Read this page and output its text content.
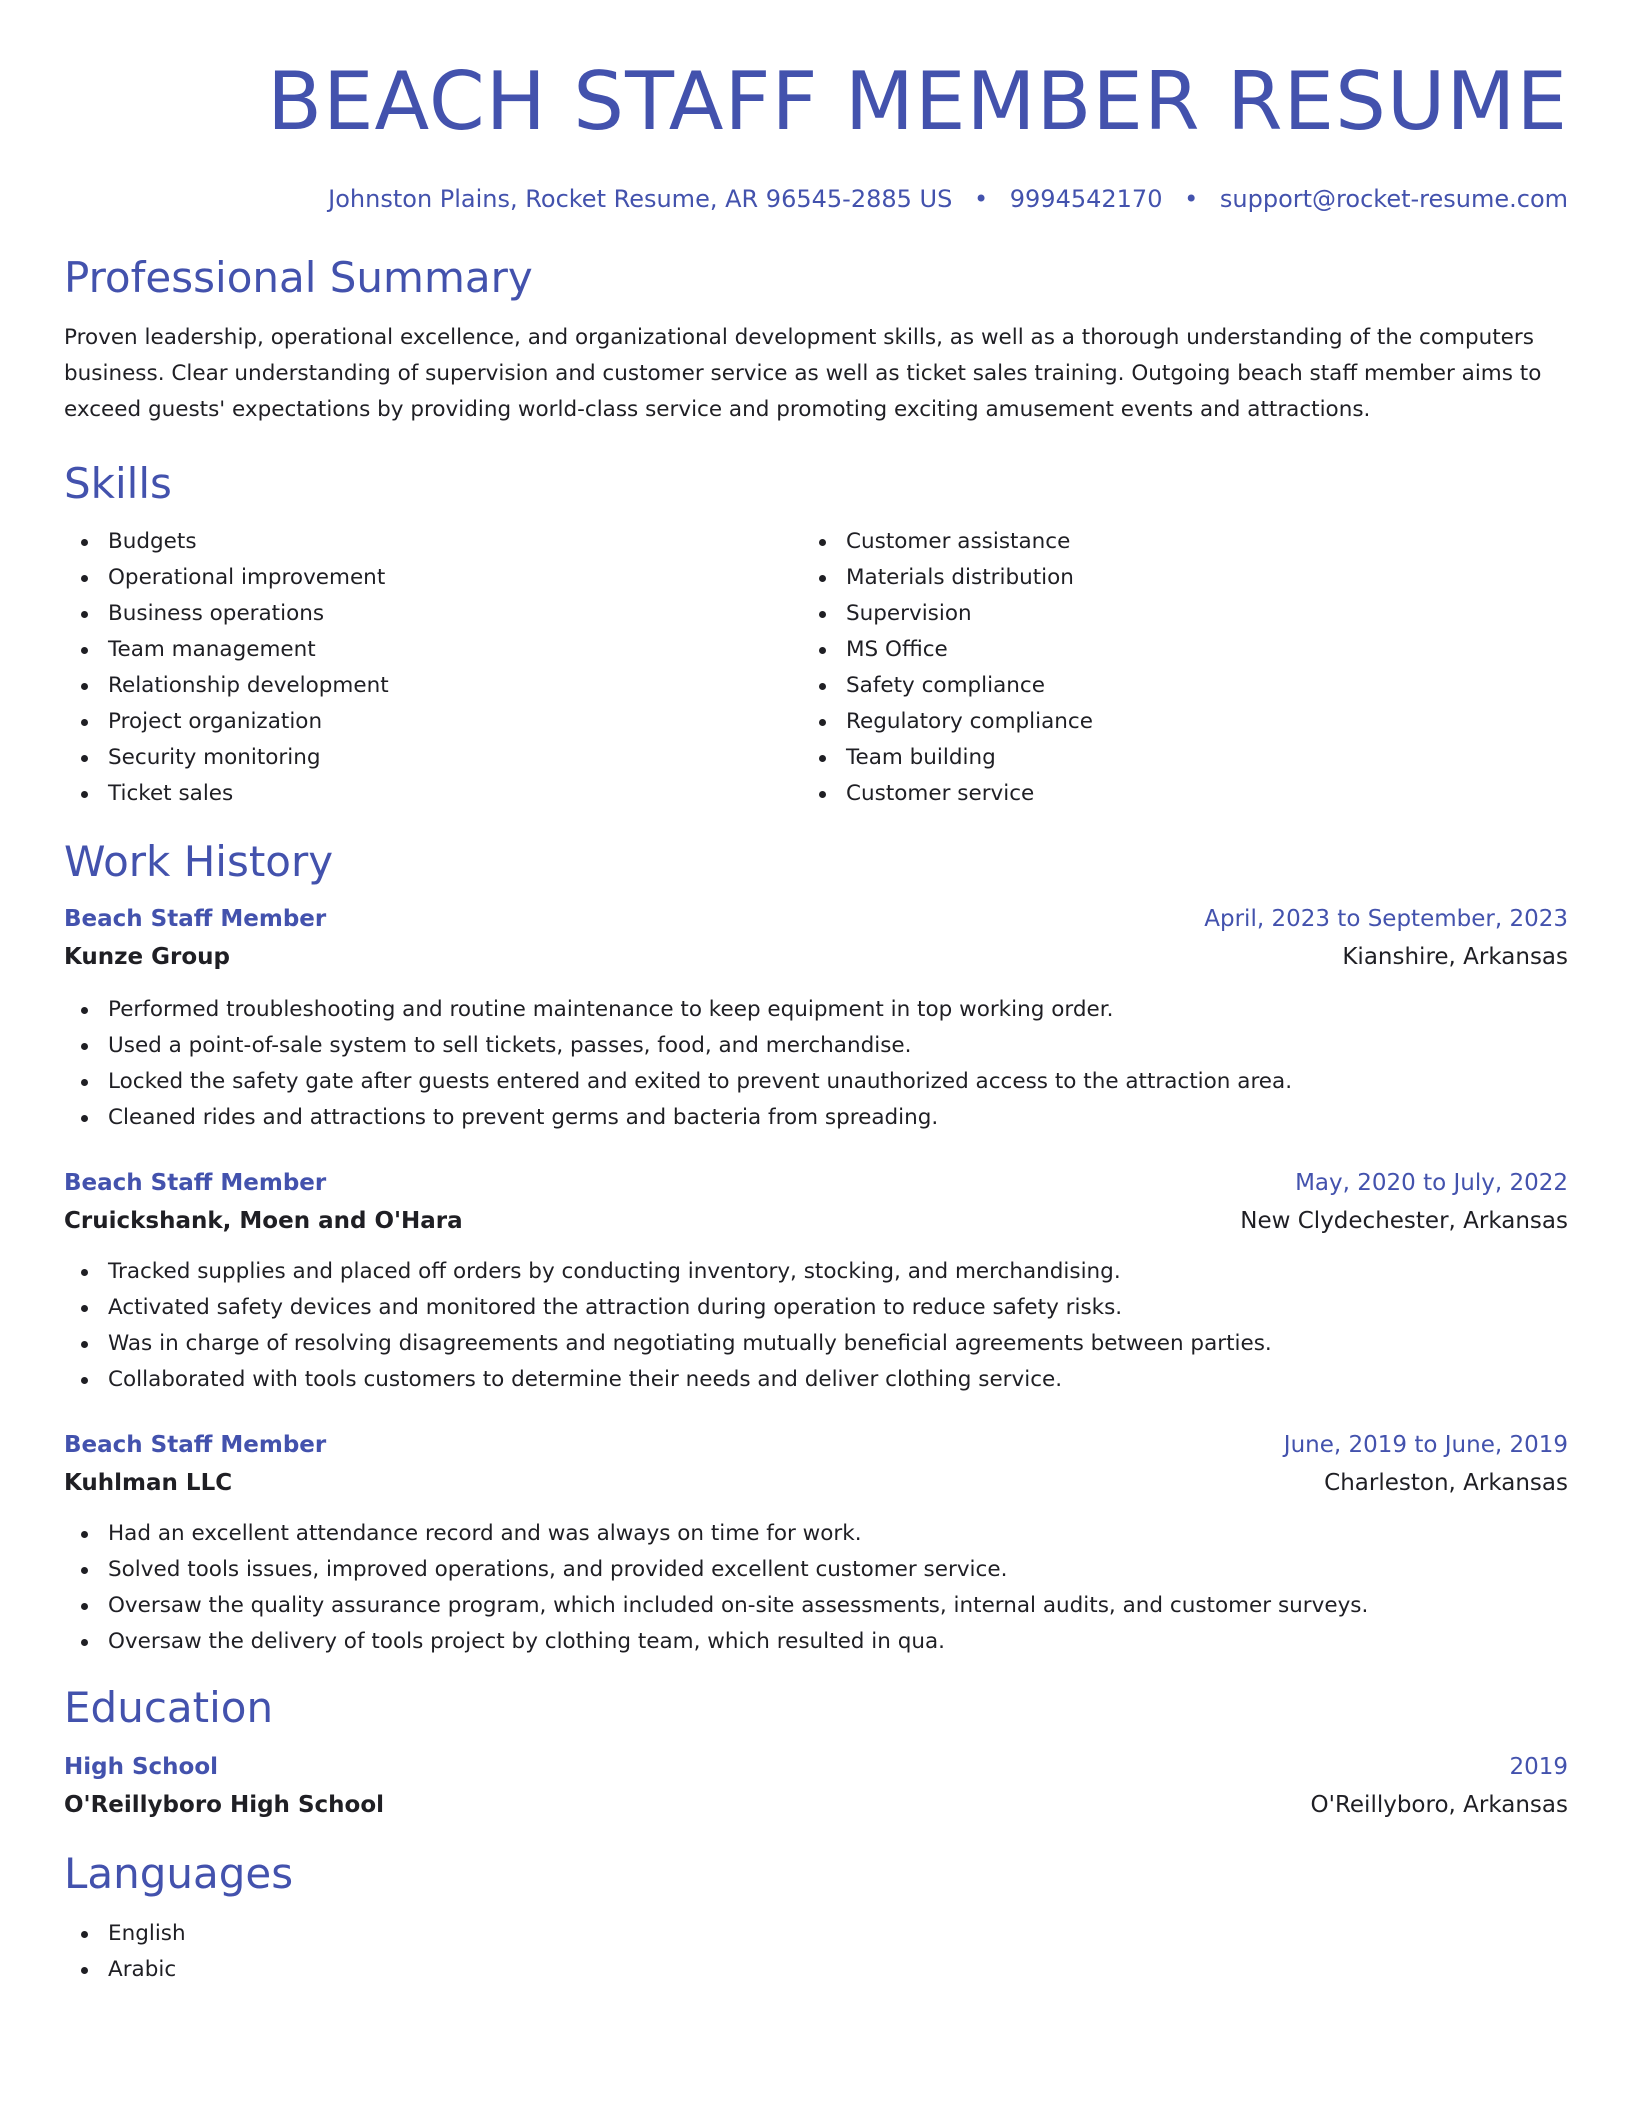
BEACH STAFF MEMBER RESUME
Johnston Plains, Rocket Resume, AR 96545-2885 US • 9994542170 • support@rocket-resume.com
Professional Summary

Proven leadership, operational excellence, and organizational development skills, as well as a thorough understanding of the computers business. Clear understanding of supervision and customer service as well as ticket sales training. Outgoing beach staff member aims to exceed guests' expectations by providing world-class service and promoting exciting amusement events and attractions.

Skills
Budgets
Operational improvement
Business operations
Team management
Relationship development
Project organization
Security monitoring
Ticket sales
Customer assistance
Materials distribution
Supervision
MS Office
Safety compliance
Regulatory compliance
Team building
Customer service
Work History
Beach Staff Member	April, 2023 to September, 2023
Kunze Group	Kianshire, Arkansas
Performed troubleshooting and routine maintenance to keep equipment in top working order.
Used a point-of-sale system to sell tickets, passes, food, and merchandise.
Locked the safety gate after guests entered and exited to prevent unauthorized access to the attraction area.
Cleaned rides and attractions to prevent germs and bacteria from spreading.
Beach Staff Member	May, 2020 to July, 2022
Cruickshank, Moen and O'Hara	New Clydechester, Arkansas
Tracked supplies and placed off orders by conducting inventory, stocking, and merchandising.
Activated safety devices and monitored the attraction during operation to reduce safety risks.
Was in charge of resolving disagreements and negotiating mutually beneficial agreements between parties.
Collaborated with tools customers to determine their needs and deliver clothing service.
Beach Staff Member	June, 2019 to June, 2019
Kuhlman LLC	Charleston, Arkansas
Had an excellent attendance record and was always on time for work.
Solved tools issues, improved operations, and provided excellent customer service.
Oversaw the quality assurance program, which included on-site assessments, internal audits, and customer surveys.
Oversaw the delivery of tools project by clothing team, which resulted in qua.
Education
High School	2019
O'Reillyboro High School	O'Reillyboro, Arkansas
Languages
English
Arabic
